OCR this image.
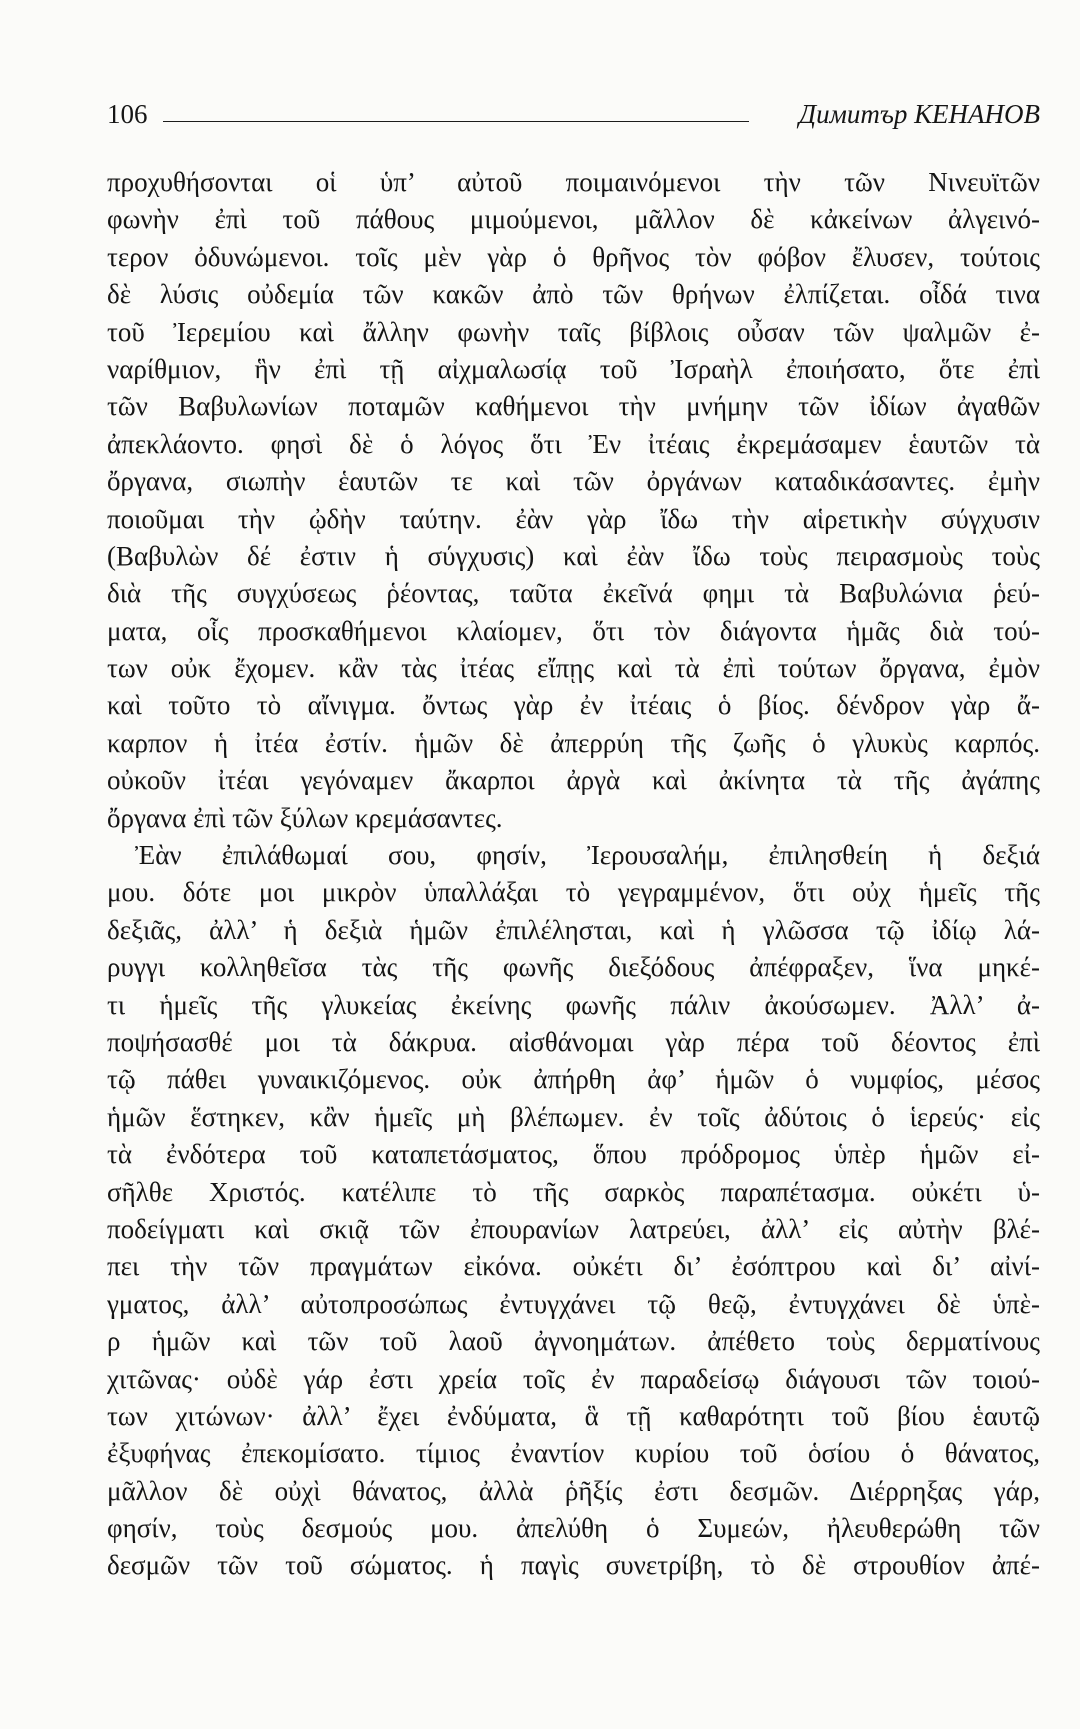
106	Димитър КЕНАНОВ
προχυθήσονται οἱ ὑπ’ αὐτοῦ ποιμαινόμενοι τὴν τῶν Νινευϊτῶν
φωνὴν ἐπὶ τοῦ πάθους μιμούμενοι, μᾶλλον δὲ κἀκείνων ἀλγεινό-
τερον ὀδυνώμενοι. τοῖς μὲν γὰρ ὁ θρῆνος τὸν φόβον ἔλυσεν, τούτοις
δὲ λύσις οὐδεμία τῶν κακῶν ἀπὸ τῶν θρήνων ἐλπίζεται. οἶδά τινα
τοῦ Ἰερεμίου καὶ ἄλλην φωνὴν ταῖς βίβλοις οὖσαν τῶν ψαλμῶν ἐ-
ναρίθμιον, ἣν ἐπὶ τῇ αἰχμαλωσίᾳ τοῦ Ἰσραὴλ ἐποιήσατο, ὅτε ἐπὶ
τῶν Βαβυλωνίων ποταμῶν καθήμενοι τὴν μνήμην τῶν ἰδίων ἀγαθῶν
ἀπεκλάοντο. φησὶ δὲ ὁ λόγος ὅτι Ἐν ἰτέαις ἐκρεμάσαμεν ἑαυτῶν τὰ
ὄργανα, σιωπὴν ἑαυτῶν τε καὶ τῶν ὀργάνων καταδικάσαντες. ἐμὴν
ποιοῦμαι τὴν ᾠδὴν ταύτην. ἐὰν γὰρ ἴδω τὴν αἱρετικὴν σύγχυσιν
(Βαβυλὼν δέ ἐστιν ἡ σύγχυσις) καὶ ἐὰν ἴδω τοὺς πειρασμοὺς τοὺς
διὰ τῆς συγχύσεως ῥέοντας, ταῦτα ἐκεῖνά φημι τὰ Βαβυλώνια ῥεύ-
ματα, οἷς προσκαθήμενοι κλαίομεν, ὅτι τὸν διάγοντα ἡμᾶς διὰ τού-
των οὐκ ἔχομεν. κἂν τὰς ἰτέας εἴπῃς καὶ τὰ ἐπὶ τούτων ὄργανα, ἐμὸν
καὶ τοῦτο τὸ αἴνιγμα. ὄντως γὰρ ἐν ἰτέαις ὁ βίος. δένδρον γὰρ ἄ-
καρπον ἡ ἰτέα ἐστίν. ἡμῶν δὲ ἀπερρύη τῆς ζωῆς ὁ γλυκὺς καρπός.
οὐκοῦν ἰτέαι γεγόναμεν ἄκαρποι ἀργὰ καὶ ἀκίνητα τὰ τῆς ἀγάπης
ὄργανα ἐπὶ τῶν ξύλων κρεμάσαντες.
Ἐὰν ἐπιλάθωμαί σου, φησίν, Ἰερουσαλήμ, ἐπιλησθείη ἡ δεξιά
μου. δότε μοι μικρὸν ὑπαλλάξαι τὸ γεγραμμένον, ὅτι οὐχ ἡμεῖς τῆς
δεξιᾶς, ἀλλ’ ἡ δεξιὰ ἡμῶν ἐπιλέλησται, καὶ ἡ γλῶσσα τῷ ἰδίῳ λά-
ρυγγι κολληθεῖσα τὰς τῆς φωνῆς διεξόδους ἀπέφραξεν, ἵνα μηκέ-
τι ἡμεῖς τῆς γλυκείας ἐκείνης φωνῆς πάλιν ἀκούσωμεν. Ἀλλ’ ἀ-
ποψήσασθέ μοι τὰ δάκρυα. αἰσθάνομαι γὰρ πέρα τοῦ δέοντος ἐπὶ
τῷ πάθει γυναικιζόμενος. οὐκ ἀπήρθη ἀφ’ ἡμῶν ὁ νυμφίος, μέσος
ἡμῶν ἕστηκεν, κἂν ἡμεῖς μὴ βλέπωμεν. ἐν τοῖς ἀδύτοις ὁ ἱερεύς· εἰς
τὰ ἐνδότερα τοῦ καταπετάσματος, ὅπου πρόδρομος ὑπὲρ ἡμῶν εἰ-
σῆλθε Χριστός. κατέλιπε τὸ τῆς σαρκὸς παραπέτασμα. οὐκέτι ὑ-
ποδείγματι καὶ σκιᾷ τῶν ἐπουρανίων λατρεύει, ἀλλ’ εἰς αὐτὴν βλέ-
πει τὴν τῶν πραγμάτων εἰκόνα. οὐκέτι δι’ ἐσόπτρου καὶ δι’ αἰνί-
γματος, ἀλλ’ αὐτοπροσώπως ἐντυγχάνει τῷ θεῷ, ἐντυγχάνει δὲ ὑπὲ-
ρ ἡμῶν καὶ τῶν τοῦ λαοῦ ἀγνοημάτων. ἀπέθετο τοὺς δερματίνους
χιτῶνας· οὐδὲ γάρ ἐστι χρεία τοῖς ἐν παραδείσῳ διάγουσι τῶν τοιού-
των χιτώνων· ἀλλ’ ἔχει ἐνδύματα, ἃ τῇ καθαρότητι τοῦ βίου ἑαυτῷ
ἐξυφήνας ἐπεκομίσατο. τίμιος ἐναντίον κυρίου τοῦ ὁσίου ὁ θάνατος,
μᾶλλον δὲ οὐχὶ θάνατος, ἀλλὰ ῥῆξίς ἐστι δεσμῶν. Διέρρηξας γάρ,
φησίν, τοὺς δεσμούς μου. ἀπελύθη ὁ Συμεών, ἠλευθερώθη τῶν
δεσμῶν τῶν τοῦ σώματος. ἡ παγὶς συνετρίβη, τὸ δὲ στρουθίον ἀπέ-
